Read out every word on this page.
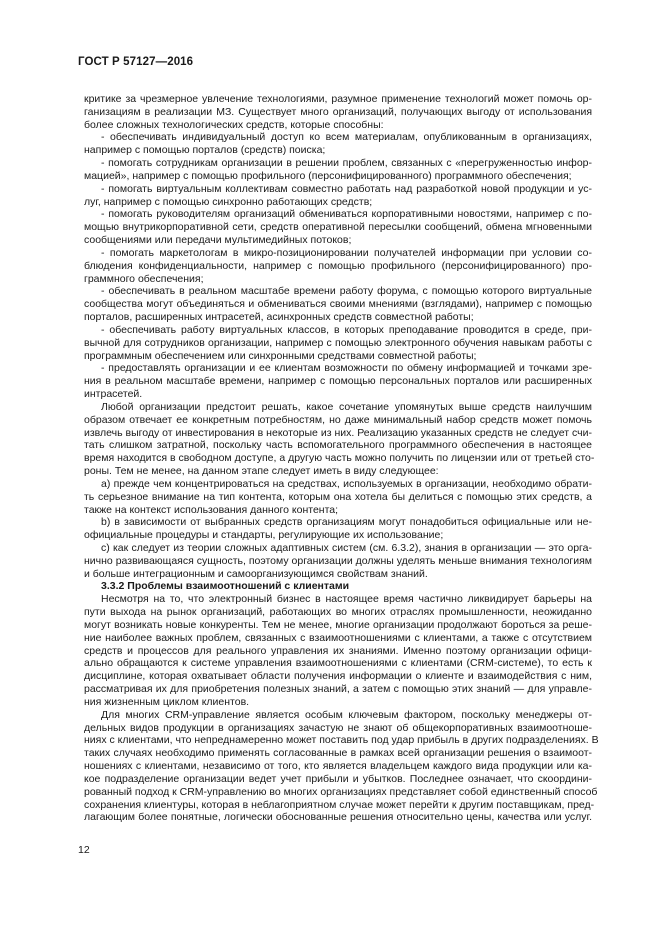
ГОСТ Р 57127—2016
критике за чрезмерное увлечение технологиями, разумное применение технологий может помочь ор-
ганизациям в реализации МЗ. Существует много организаций, получающих выгоду от использования
более сложных технологических средств, которые способны:
- обеспечивать индивидуальный доступ ко всем материалам, опубликованным в организациях,
например с помощью порталов (средств) поиска;
- помогать сотрудникам организации в решении проблем, связанных с «перегруженностью инфор-
мацией», например с помощью профильного (персонифицированного) программного обеспечения;
- помогать виртуальным коллективам совместно работать над разработкой новой продукции и ус-
луг, например с помощью синхронно работающих средств;
- помогать руководителям организаций обмениваться корпоративными новостями, например с по-
мощью внутрикорпоративной сети, средств оперативной пересылки сообщений, обмена мгновенными
сообщениями или передачи мультимедийных потоков;
- помогать маркетологам в микро-позиционировании получателей информации при условии со-
блюдения конфиденциальности, например с помощью профильного (персонифицированного) про-
граммного обеспечения;
- обеспечивать в реальном масштабе времени работу форума, с помощью которого виртуальные
сообщества могут объединяться и обмениваться своими мнениями (взглядами), например с помощью
порталов, расширенных интрасетей, асинхронных средств совместной работы;
- обеспечивать работу виртуальных классов, в которых преподавание проводится в среде, при-
вычной для сотрудников организации, например с помощью электронного обучения навыкам работы с
программным обеспечением или синхронными средствами совместной работы;
- предоставлять организации и ее клиентам возможности по обмену информацией и точками зре-
ния в реальном масштабе времени, например с помощью персональных порталов или расширенных
интрасетей.
Любой организации предстоит решать, какое сочетание упомянутых выше средств наилучшим
образом отвечает ее конкретным потребностям, но даже минимальный набор средств может помочь
извлечь выгоду от инвестирования в некоторые из них. Реализацию указанных средств не следует счи-
тать слишком затратной, поскольку часть вспомогательного программного обеспечения в настоящее
время находится в свободном доступе, а другую часть можно получить по лицензии или от третьей сто-
роны. Тем не менее, на данном этапе следует иметь в виду следующее:
а) прежде чем концентрироваться на средствах, используемых в организации, необходимо обрати-
ть серьезное внимание на тип контента, которым она хотела бы делиться с помощью этих средств, а
также на контекст использования данного контента;
b) в зависимости от выбранных средств организациям могут понадобиться официальные или не-
официальные процедуры и стандарты, регулирующие их использование;
c) как следует из теории сложных адаптивных систем (см. 6.3.2), знания в организации — это орга-
нично развивающаяся сущность, поэтому организации должны уделять меньше внимания технологиям
и больше интеграционным и самоорганизующимся свойствам знаний.
3.3.2 Проблемы взаимоотношений с клиентами
Несмотря на то, что электронный бизнес в настоящее время частично ликвидирует барьеры на
пути выхода на рынок организаций, работающих во многих отраслях промышленности, неожиданно
могут возникать новые конкуренты. Тем не менее, многие организации продолжают бороться за реше-
ние наиболее важных проблем, связанных с взаимоотношениями с клиентами, а также с отсутствием
средств и процессов для реального управления их знаниями. Именно поэтому организации офици-
ально обращаются к системе управления взаимоотношениями с клиентами (CRM-системе), то есть к
дисциплине, которая охватывает области получения информации о клиенте и взаимодействия с ним,
рассматривая их для приобретения полезных знаний, а затем с помощью этих знаний — для управле-
ния жизненным циклом клиентов.
Для многих CRM-управление является особым ключевым фактором, поскольку менеджеры от-
дельных видов продукции в организациях зачастую не знают об общекорпоративных взаимоотноше-
ниях с клиентами, что непреднамеренно может поставить под удар прибыль в других подразделениях. В
таких случаях необходимо применять согласованные в рамках всей организации решения о взаимоот-
ношениях с клиентами, независимо от того, кто является владельцем каждого вида продукции или ка-
кое подразделение организации ведет учет прибыли и убытков. Последнее означает, что скоордини-
рованный подход к CRM-управлению во многих организациях представляет собой единственный способ
сохранения клиентуры, которая в неблагоприятном случае может перейти к другим поставщикам, пред-
лагающим более понятные, логически обоснованные решения относительно цены, качества или услуг.
12
